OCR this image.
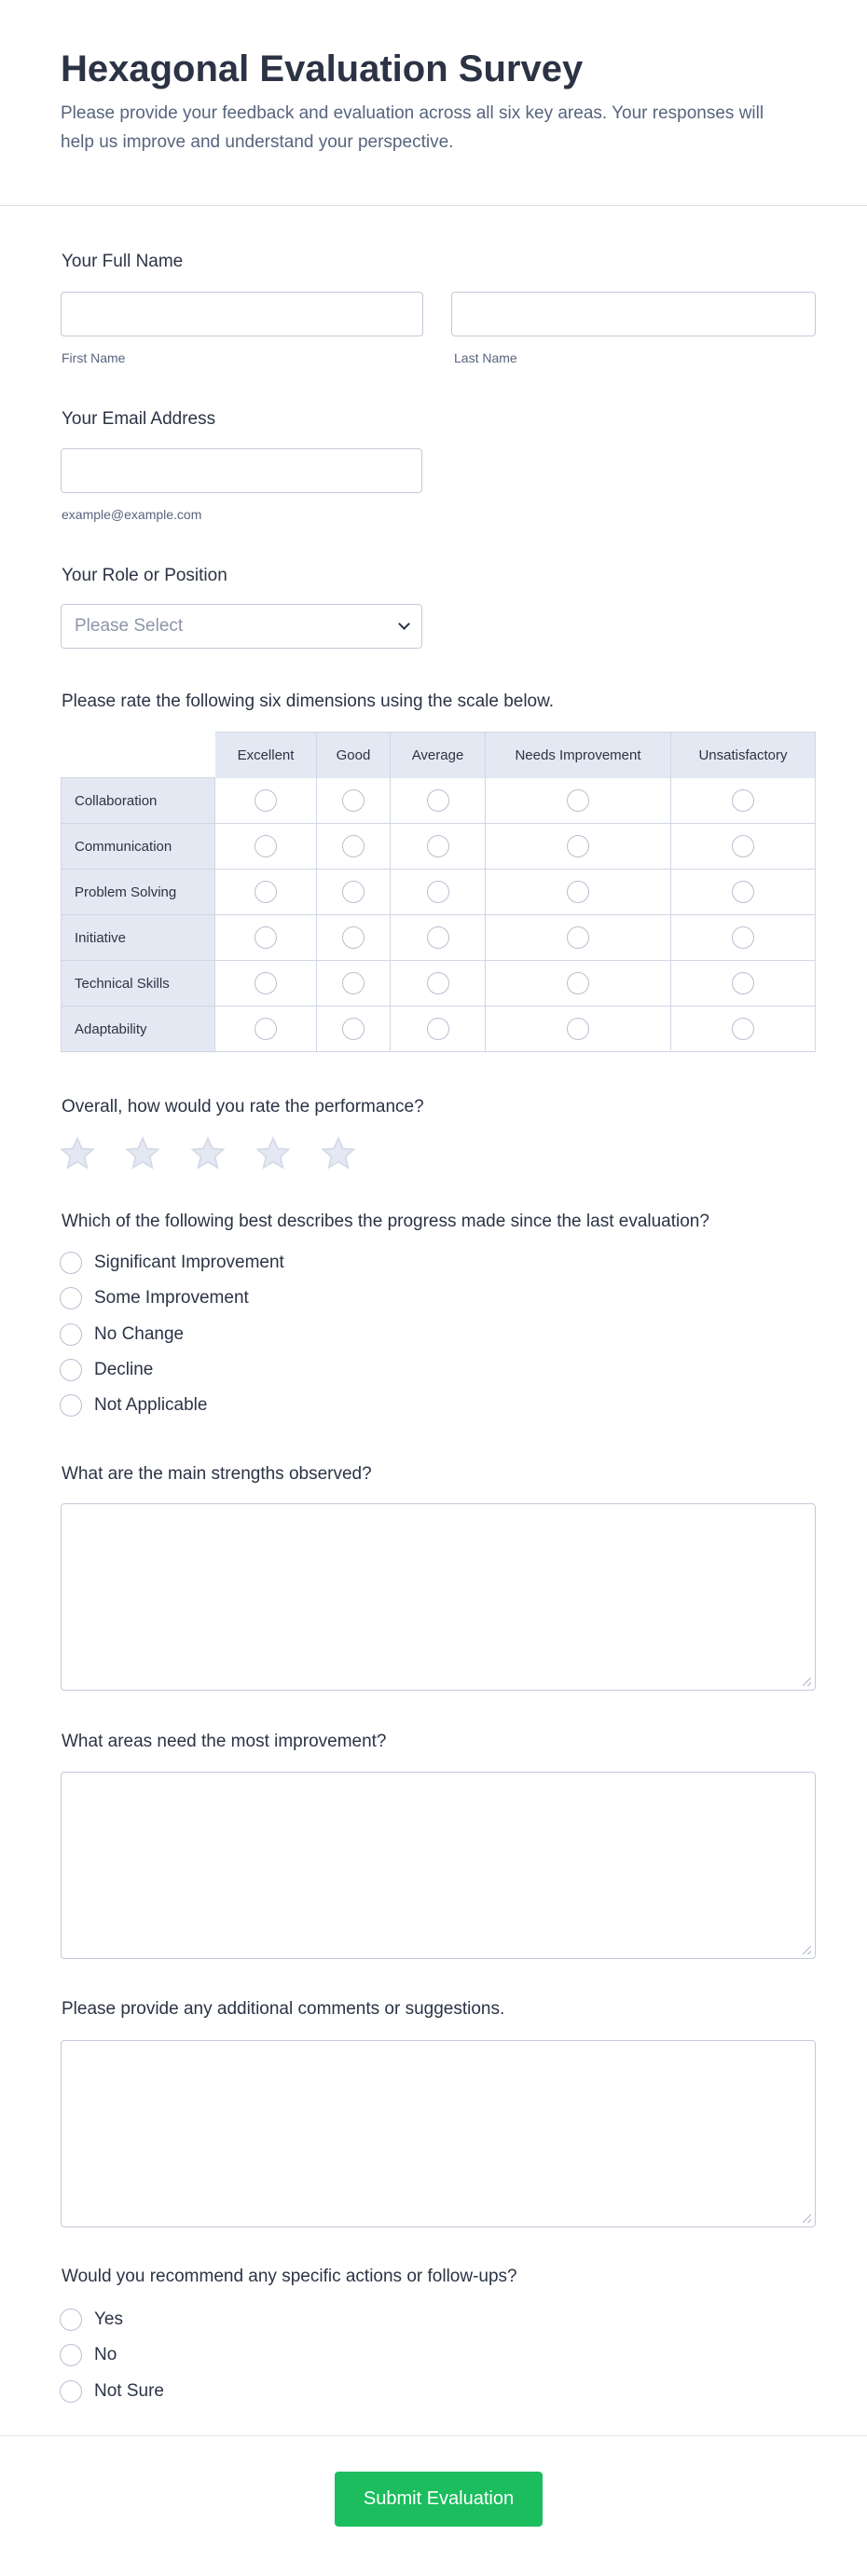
Hexagonal Evaluation Survey

Please provide your feedback and evaluation across all six key areas. Your responses will help us improve and understand your perspective.

Your Full Name
First Name	Last Name
Your Email Address
example@example.com
Your Role or Position
Please Select
Please rate the following six dimensions using the scale below.
	Excellent	Good	Average	Needs Improvement	Unsatisfactory
Collaboration					
Communication					
Problem Solving					
Initiative					
Technical Skills					
Adaptability					
Overall, how would you rate the performance?
Which of the following best describes the progress made since the last evaluation?
Significant Improvement
Some Improvement
No Change
Decline
Not Applicable
What are the main strengths observed?
What areas need the most improvement?
Please provide any additional comments or suggestions.
Would you recommend any specific actions or follow-ups?
Yes
No
Not Sure
Submit Evaluation
